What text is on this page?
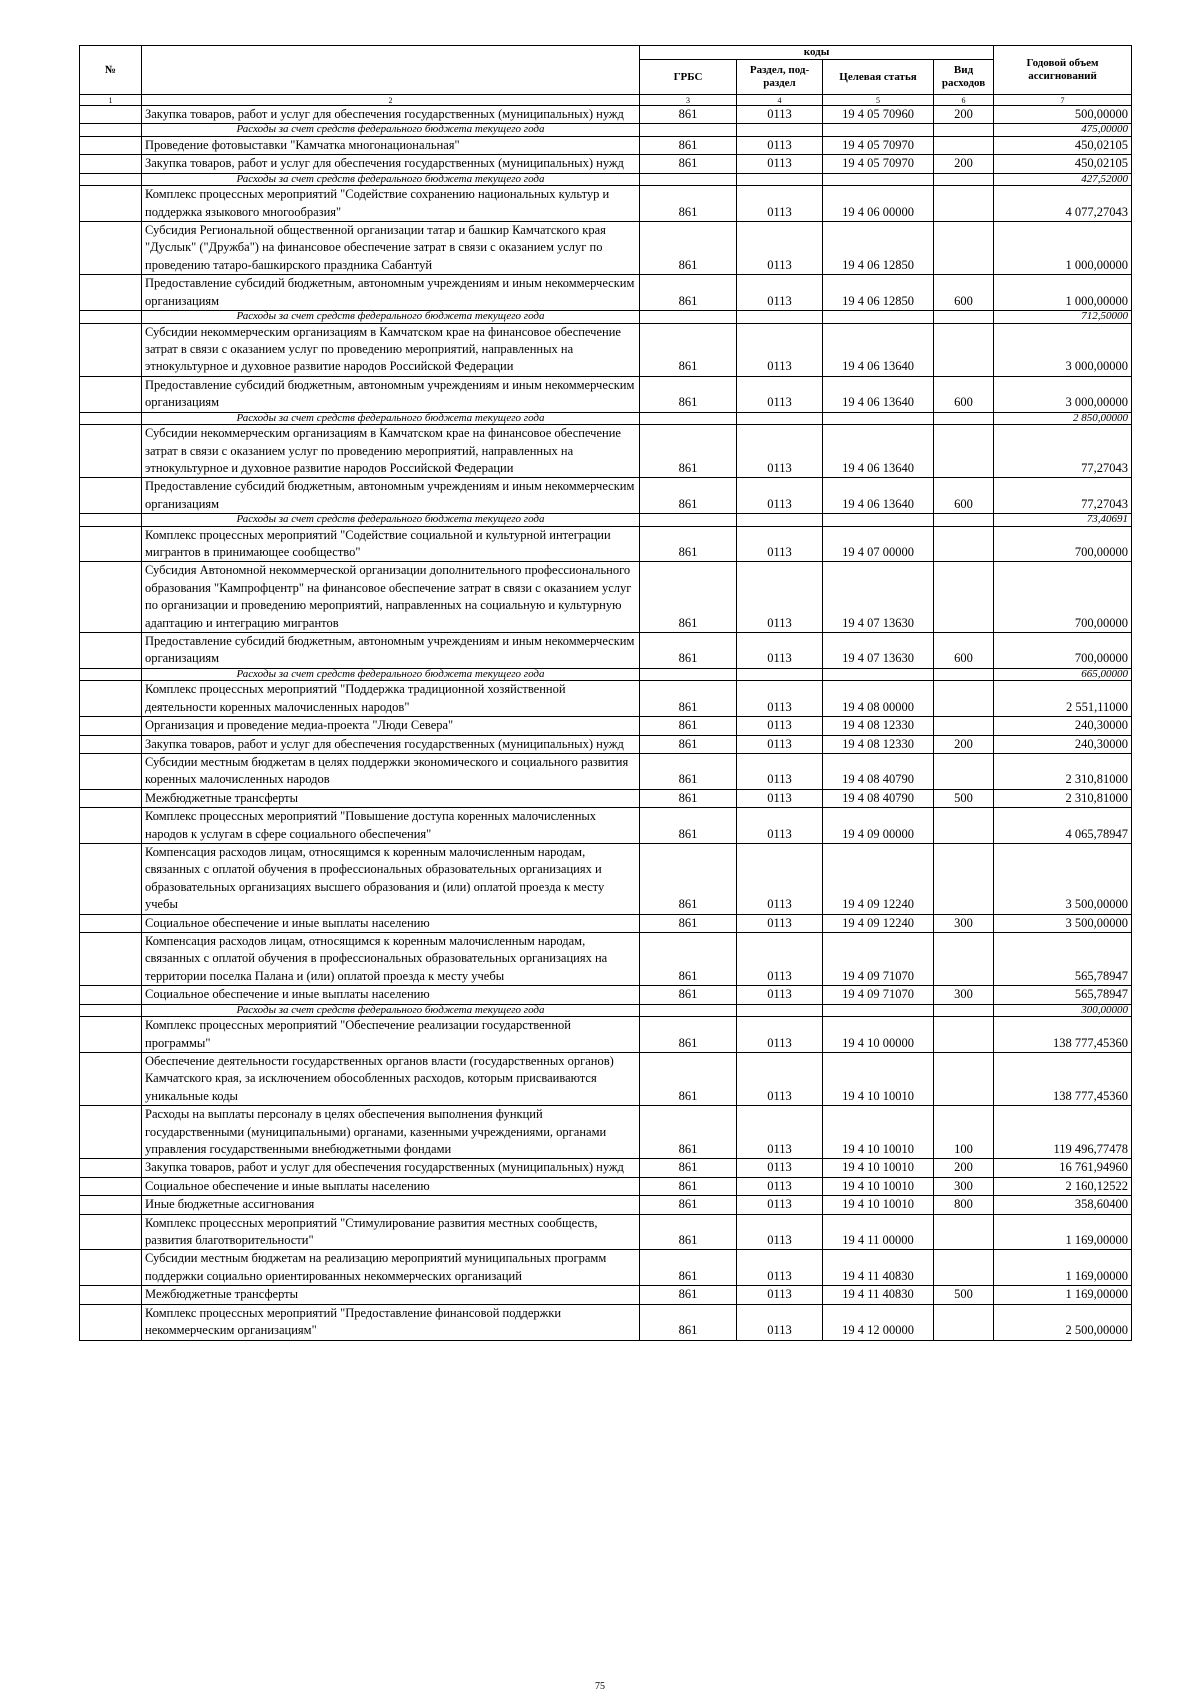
№		коды				Годовой объем ассигнований
		ГРБС	Раздел, под-раздел	Целевая статья	Вид расходов	
1	2	3	4	5	6	7
	Закупка товаров, работ и услуг для обеспечения государственных (муниципальных) нужд	861	0113	19 4 05 70960	200	500,00000
	Расходы за счет средств федерального бюджета текущего года					475,00000
	Проведение фотовыставки "Камчатка многонациональная"	861	0113	19 4 05 70970		450,02105
	Закупка товаров, работ и услуг для обеспечения государственных (муниципальных) нужд	861	0113	19 4 05 70970	200	450,02105
	Расходы за счет средств федерального бюджета текущего года					427,52000
	Комплекс процессных мероприятий "Содействие сохранению национальных культур и поддержка языкового многообразия"	861	0113	19 4 06 00000		4 077,27043
	Субсидия Региональной общественной организации татар и башкир Камчатского края "Дуслык" ("Дружба") на финансовое обеспечение затрат в связи с оказанием услуг по проведению татаро-башкирского праздника Сабантуй	861	0113	19 4 06 12850		1 000,00000
	Предоставление субсидий бюджетным, автономным учреждениям и иным некоммерческим организациям	861	0113	19 4 06 12850	600	1 000,00000
	Расходы за счет средств федерального бюджета текущего года					712,50000
	Субсидии некоммерческим организациям в Камчатском крае на финансовое обеспечение затрат в связи с оказанием услуг по проведению мероприятий, направленных на этнокультурное и духовное развитие народов Российской Федерации	861	0113	19 4 06 13640		3 000,00000
	Предоставление субсидий бюджетным, автономным учреждениям и иным некоммерческим организациям	861	0113	19 4 06 13640	600	3 000,00000
	Расходы за счет средств федерального бюджета текущего года					2 850,00000
	Субсидии некоммерческим организациям в Камчатском крае на финансовое обеспечение затрат в связи с оказанием услуг по проведению мероприятий, направленных на этнокультурное и духовное развитие народов Российской Федерации	861	0113	19 4 06 13640		77,27043
	Предоставление субсидий бюджетным, автономным учреждениям и иным некоммерческим организациям	861	0113	19 4 06 13640	600	77,27043
	Расходы за счет средств федерального бюджета текущего года					73,40691
	Комплекс процессных мероприятий "Содействие социальной и культурной интеграции мигрантов в принимающее сообщество"	861	0113	19 4 07 00000		700,00000
	Субсидия Автономной некоммерческой организации дополнительного профессионального образования "Кампрофцентр" на финансовое обеспечение затрат в связи с оказанием услуг по организации и проведению мероприятий, направленных на социальную и культурную адаптацию и интеграцию мигрантов	861	0113	19 4 07 13630		700,00000
	Предоставление субсидий бюджетным, автономным учреждениям и иным некоммерческим организациям	861	0113	19 4 07 13630	600	700,00000
	Расходы за счет средств федерального бюджета текущего года					665,00000
	Комплекс процессных мероприятий "Поддержка традиционной хозяйственной деятельности коренных малочисленных народов"	861	0113	19 4 08 00000		2 551,11000
	Организация и проведение медиа-проекта "Люди Севера"	861	0113	19 4 08 12330		240,30000
	Закупка товаров, работ и услуг для обеспечения государственных (муниципальных) нужд	861	0113	19 4 08 12330	200	240,30000
	Субсидии местным бюджетам в целях поддержки экономического и социального развития коренных малочисленных народов	861	0113	19 4 08 40790		2 310,81000
	Межбюджетные трансферты	861	0113	19 4 08 40790	500	2 310,81000
	Комплекс процессных мероприятий "Повышение доступа коренных малочисленных народов к услугам в сфере социального обеспечения"	861	0113	19 4 09 00000		4 065,78947
	Компенсация расходов лицам, относящимся к коренным малочисленным народам, связанных с оплатой обучения в профессиональных образовательных организациях и образовательных организациях высшего образования и (или) оплатой проезда к месту учебы	861	0113	19 4 09 12240		3 500,00000
	Социальное обеспечение и иные выплаты населению	861	0113	19 4 09 12240	300	3 500,00000
	Компенсация расходов лицам, относящимся к коренным малочисленным народам, связанных с оплатой обучения в профессиональных образовательных организациях на территории поселка Палана и (или) оплатой проезда к месту учебы	861	0113	19 4 09 71070		565,78947
	Социальное обеспечение и иные выплаты населению	861	0113	19 4 09 71070	300	565,78947
	Расходы за счет средств федерального бюджета текущего года					300,00000
	Комплекс процессных мероприятий "Обеспечение реализации государственной программы"	861	0113	19 4 10 00000		138 777,45360
	Обеспечение деятельности государственных органов власти (государственных органов) Камчатского края, за исключением обособленных расходов, которым присваиваются уникальные коды	861	0113	19 4 10 10010		138 777,45360
	Расходы на выплаты персоналу в целях обеспечения выполнения функций государственными (муниципальными) органами, казенными учреждениями, органами управления государственными внебюджетными фондами	861	0113	19 4 10 10010	100	119 496,77478
	Закупка товаров, работ и услуг для обеспечения государственных (муниципальных) нужд	861	0113	19 4 10 10010	200	16 761,94960
	Социальное обеспечение и иные выплаты населению	861	0113	19 4 10 10010	300	2 160,12522
	Иные бюджетные ассигнования	861	0113	19 4 10 10010	800	358,60400
	Комплекс процессных мероприятий "Стимулирование развития местных сообществ, развития благотворительности"	861	0113	19 4 11 00000		1 169,00000
	Субсидии местным бюджетам на реализацию мероприятий муниципальных программ поддержки социально ориентированных некоммерческих организаций	861	0113	19 4 11 40830		1 169,00000
	Межбюджетные трансферты	861	0113	19 4 11 40830	500	1 169,00000
	Комплекс процессных мероприятий "Предоставление финансовой поддержки некоммерческим организациям"	861	0113	19 4 12 00000		2 500,00000
75
